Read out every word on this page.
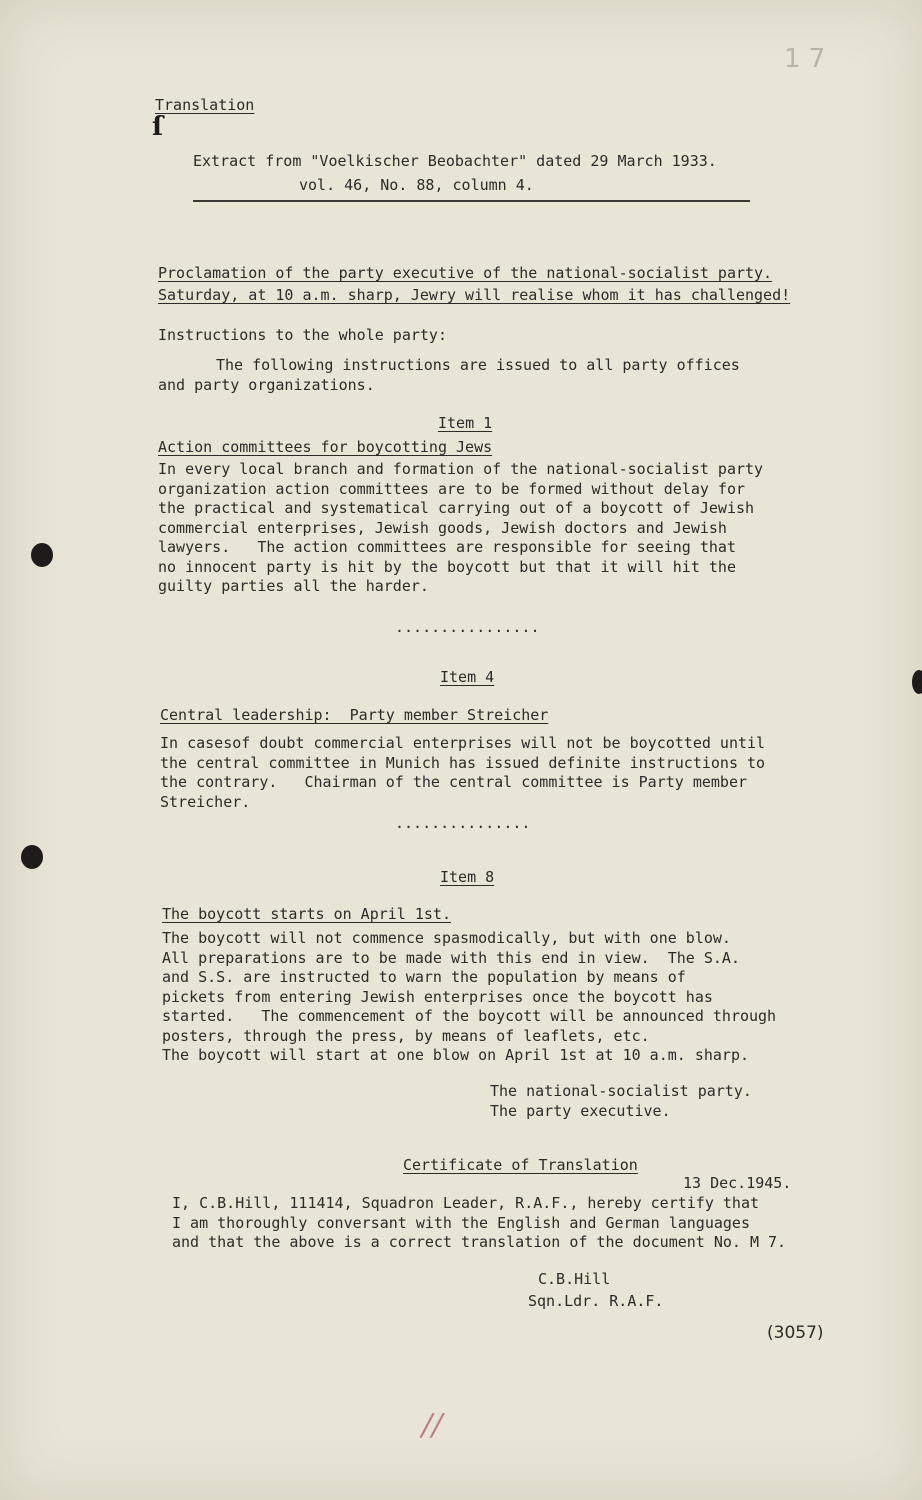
1 7
Translation
ſ
Extract from "Voelkischer Beobachter" dated 29 March 1933.
vol. 46, No. 88, column 4.
Proclamation of the party executive of the national-socialist party.
Saturday, at 10 a.m. sharp, Jewry will realise whom it has challenged!
Instructions to the whole party:
The following instructions are issued to all party offices
and party organizations.
Item 1
Action committees for boycotting Jews
In every local branch and formation of the national-socialist party
organization action committees are to be formed without delay for
the practical and systematical carrying out of a boycott of Jewish
commercial enterprises, Jewish goods, Jewish doctors and Jewish
lawyers.   The action committees are responsible for seeing that
no innocent party is hit by the boycott but that it will hit the
guilty parties all the harder.
................
Item 4
Central leadership:  Party member Streicher
In casesof doubt commercial enterprises will not be boycotted until
the central committee in Munich has issued definite instructions to
the contrary.   Chairman of the central committee is Party member
Streicher.
...............
Item 8
The boycott starts on April 1st.
The boycott will not commence spasmodically, but with one blow.
All preparations are to be made with this end in view.  The S.A.
and S.S. are instructed to warn the population by means of
pickets from entering Jewish enterprises once the boycott has
started.   The commencement of the boycott will be announced through
posters, through the press, by means of leaflets, etc.
The boycott will start at one blow on April 1st at 10 a.m. sharp.
The national-socialist party.
The party executive.
Certificate of Translation
13 Dec.1945.
I, C.B.Hill, 111414, Squadron Leader, R.A.F., hereby certify that
I am thoroughly conversant with the English and German languages
and that the above is a correct translation of the document No. M 7.
C.B.Hill
Sqn.Ldr. R.A.F.
(3057)
//
